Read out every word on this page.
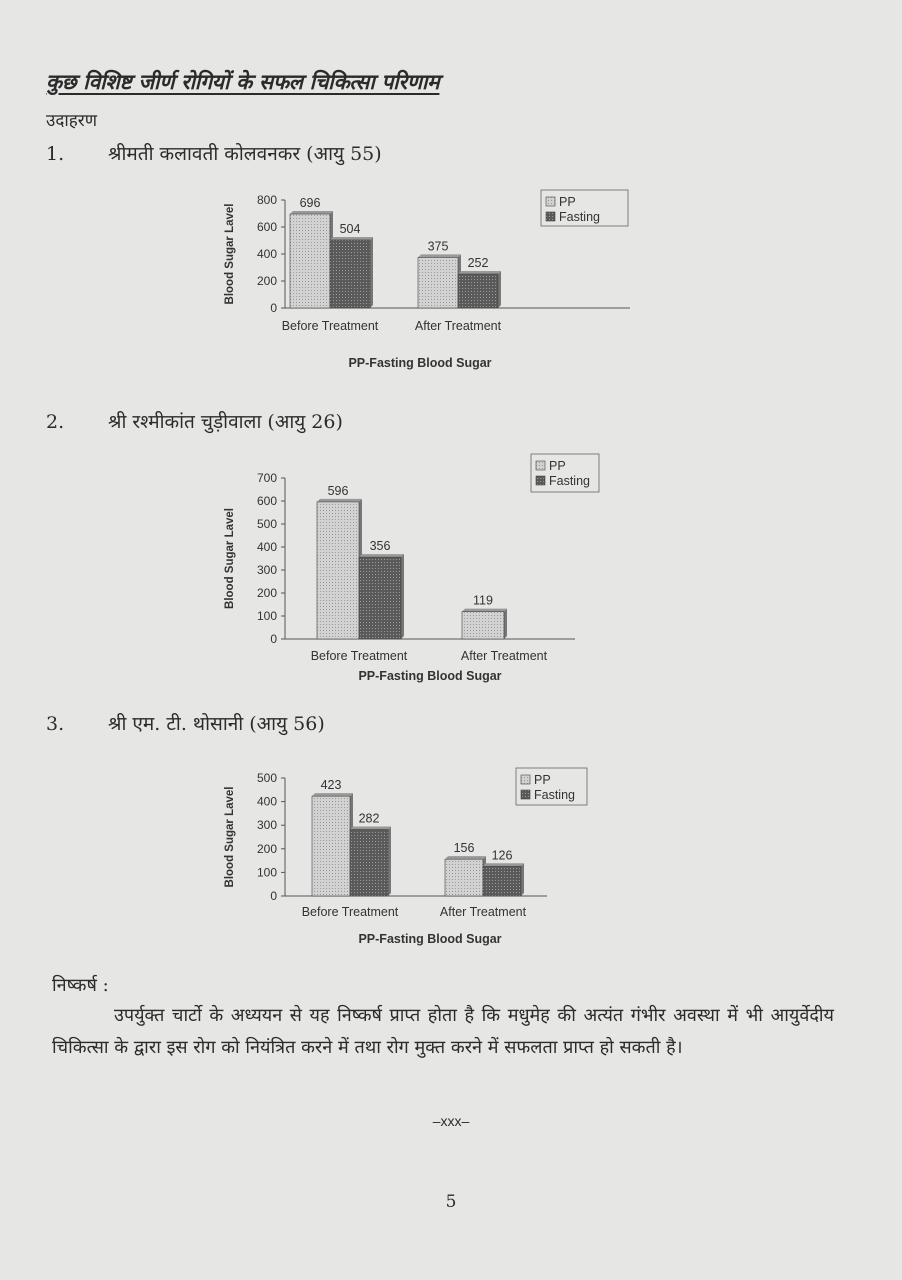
कुछ विशिष्ट जीर्ण रोगियों के सफल चिकित्सा परिणाम
उदाहरण
1. श्रीमती कलावती कोलवनकर (आयु 55)
0
200
400
600
800
Blood Sugar Lavel
696
375
504
252
Before Treatment	After Treatment
PP-Fasting Blood Sugar
PP
Fasting
2. श्री रश्मीकांत चुड़ीवाला (आयु 26)
0
100
200
300
400
500
600
700
Blood Sugar Lavel
596
119
356
Before Treatment	After Treatment
PP-Fasting Blood Sugar
PP
Fasting
3. श्री एम. टी. थोसानी (आयु 56)
0
100
200
300
400
500
Blood Sugar Lavel
423
156
282
126
Before Treatment	After Treatment
PP-Fasting Blood Sugar
PP
Fasting
निष्कर्ष :
उपर्युक्त चार्टो के अध्ययन से यह निष्कर्ष प्राप्त होता है कि मधुमेह की अत्यंत गंभीर अवस्था में भी आयुर्वेदीय चिकित्सा के द्वारा इस रोग को नियंत्रित करने में तथा रोग मुक्त करने में सफलता प्राप्त हो सकती है।
–xxx–
5
